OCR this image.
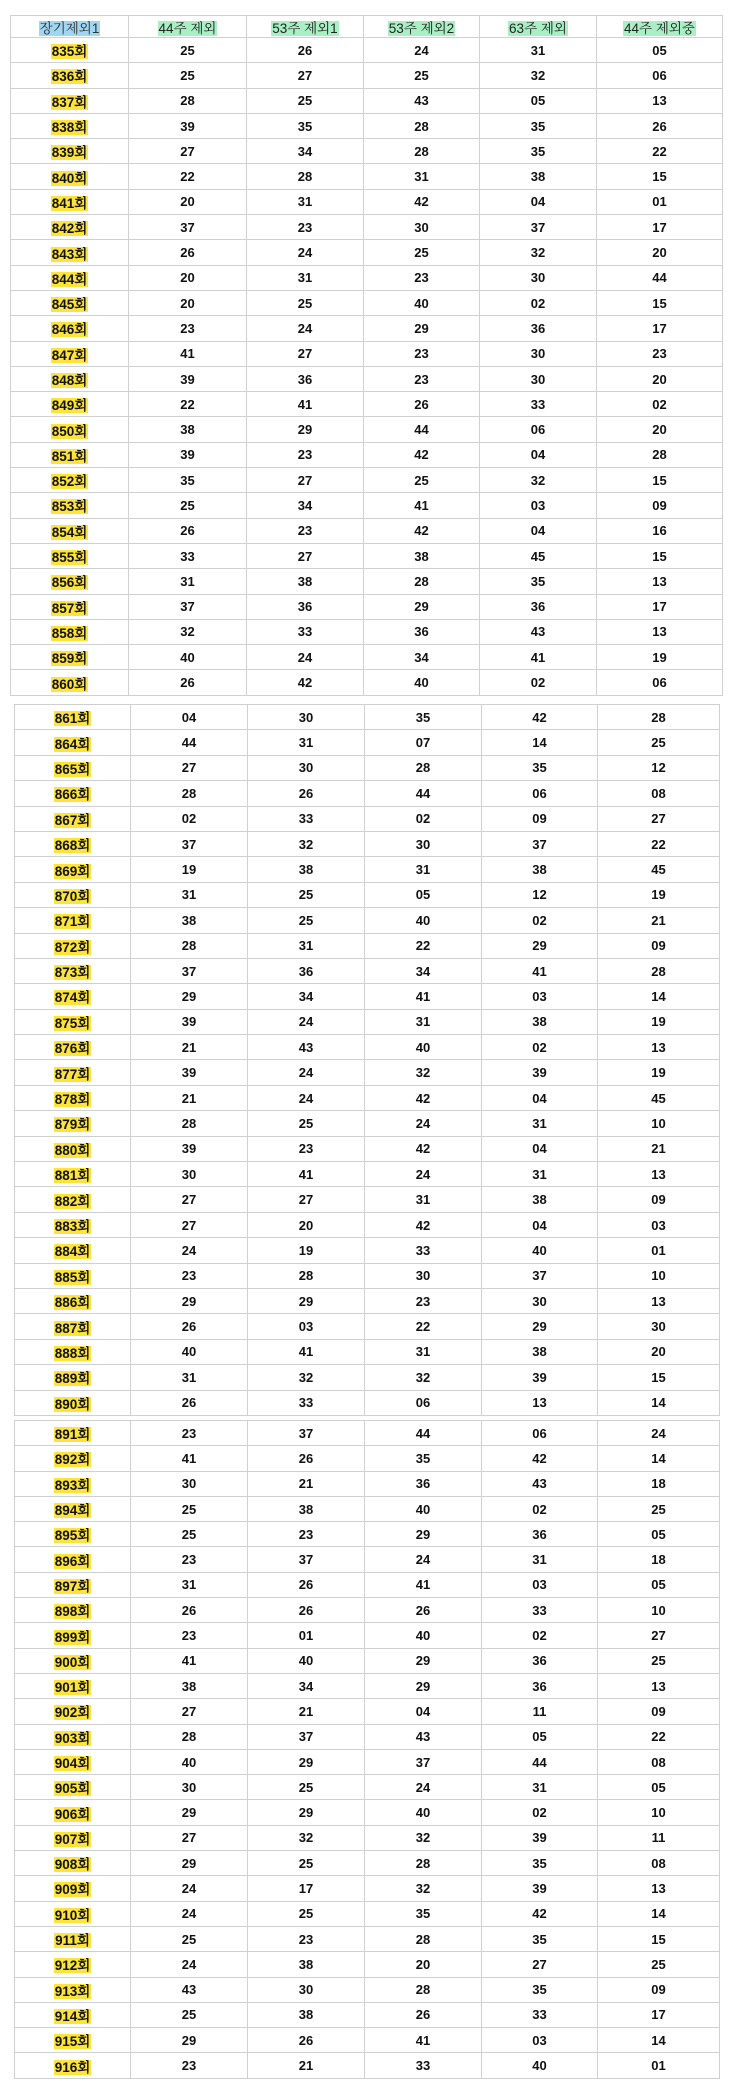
장기제외1	44주 제외	53주 제외1	53주 제외2	63주 제외	44주 제외중
835회	25	26	24	31	05
836회	25	27	25	32	06
837회	28	25	43	05	13
838회	39	35	28	35	26
839회	27	34	28	35	22
840회	22	28	31	38	15
841회	20	31	42	04	01
842회	37	23	30	37	17
843회	26	24	25	32	20
844회	20	31	23	30	44
845회	20	25	40	02	15
846회	23	24	29	36	17
847회	41	27	23	30	23
848회	39	36	23	30	20
849회	22	41	26	33	02
850회	38	29	44	06	20
851회	39	23	42	04	28
852회	35	27	25	32	15
853회	25	34	41	03	09
854회	26	23	42	04	16
855회	33	27	38	45	15
856회	31	38	28	35	13
857회	37	36	29	36	17
858회	32	33	36	43	13
859회	40	24	34	41	19
860회	26	42	40	02	06
861회	04	30	35	42	28
864회	44	31	07	14	25
865회	27	30	28	35	12
866회	28	26	44	06	08
867회	02	33	02	09	27
868회	37	32	30	37	22
869회	19	38	31	38	45
870회	31	25	05	12	19
871회	38	25	40	02	21
872회	28	31	22	29	09
873회	37	36	34	41	28
874회	29	34	41	03	14
875회	39	24	31	38	19
876회	21	43	40	02	13
877회	39	24	32	39	19
878회	21	24	42	04	45
879회	28	25	24	31	10
880회	39	23	42	04	21
881회	30	41	24	31	13
882회	27	27	31	38	09
883회	27	20	42	04	03
884회	24	19	33	40	01
885회	23	28	30	37	10
886회	29	29	23	30	13
887회	26	03	22	29	30
888회	40	41	31	38	20
889회	31	32	32	39	15
890회	26	33	06	13	14
891회	23	37	44	06	24
892회	41	26	35	42	14
893회	30	21	36	43	18
894회	25	38	40	02	25
895회	25	23	29	36	05
896회	23	37	24	31	18
897회	31	26	41	03	05
898회	26	26	26	33	10
899회	23	01	40	02	27
900회	41	40	29	36	25
901회	38	34	29	36	13
902회	27	21	04	11	09
903회	28	37	43	05	22
904회	40	29	37	44	08
905회	30	25	24	31	05
906회	29	29	40	02	10
907회	27	32	32	39	11
908회	29	25	28	35	08
909회	24	17	32	39	13
910회	24	25	35	42	14
911회	25	23	28	35	15
912회	24	38	20	27	25
913회	43	30	28	35	09
914회	25	38	26	33	17
915회	29	26	41	03	14
916회	23	21	33	40	01
